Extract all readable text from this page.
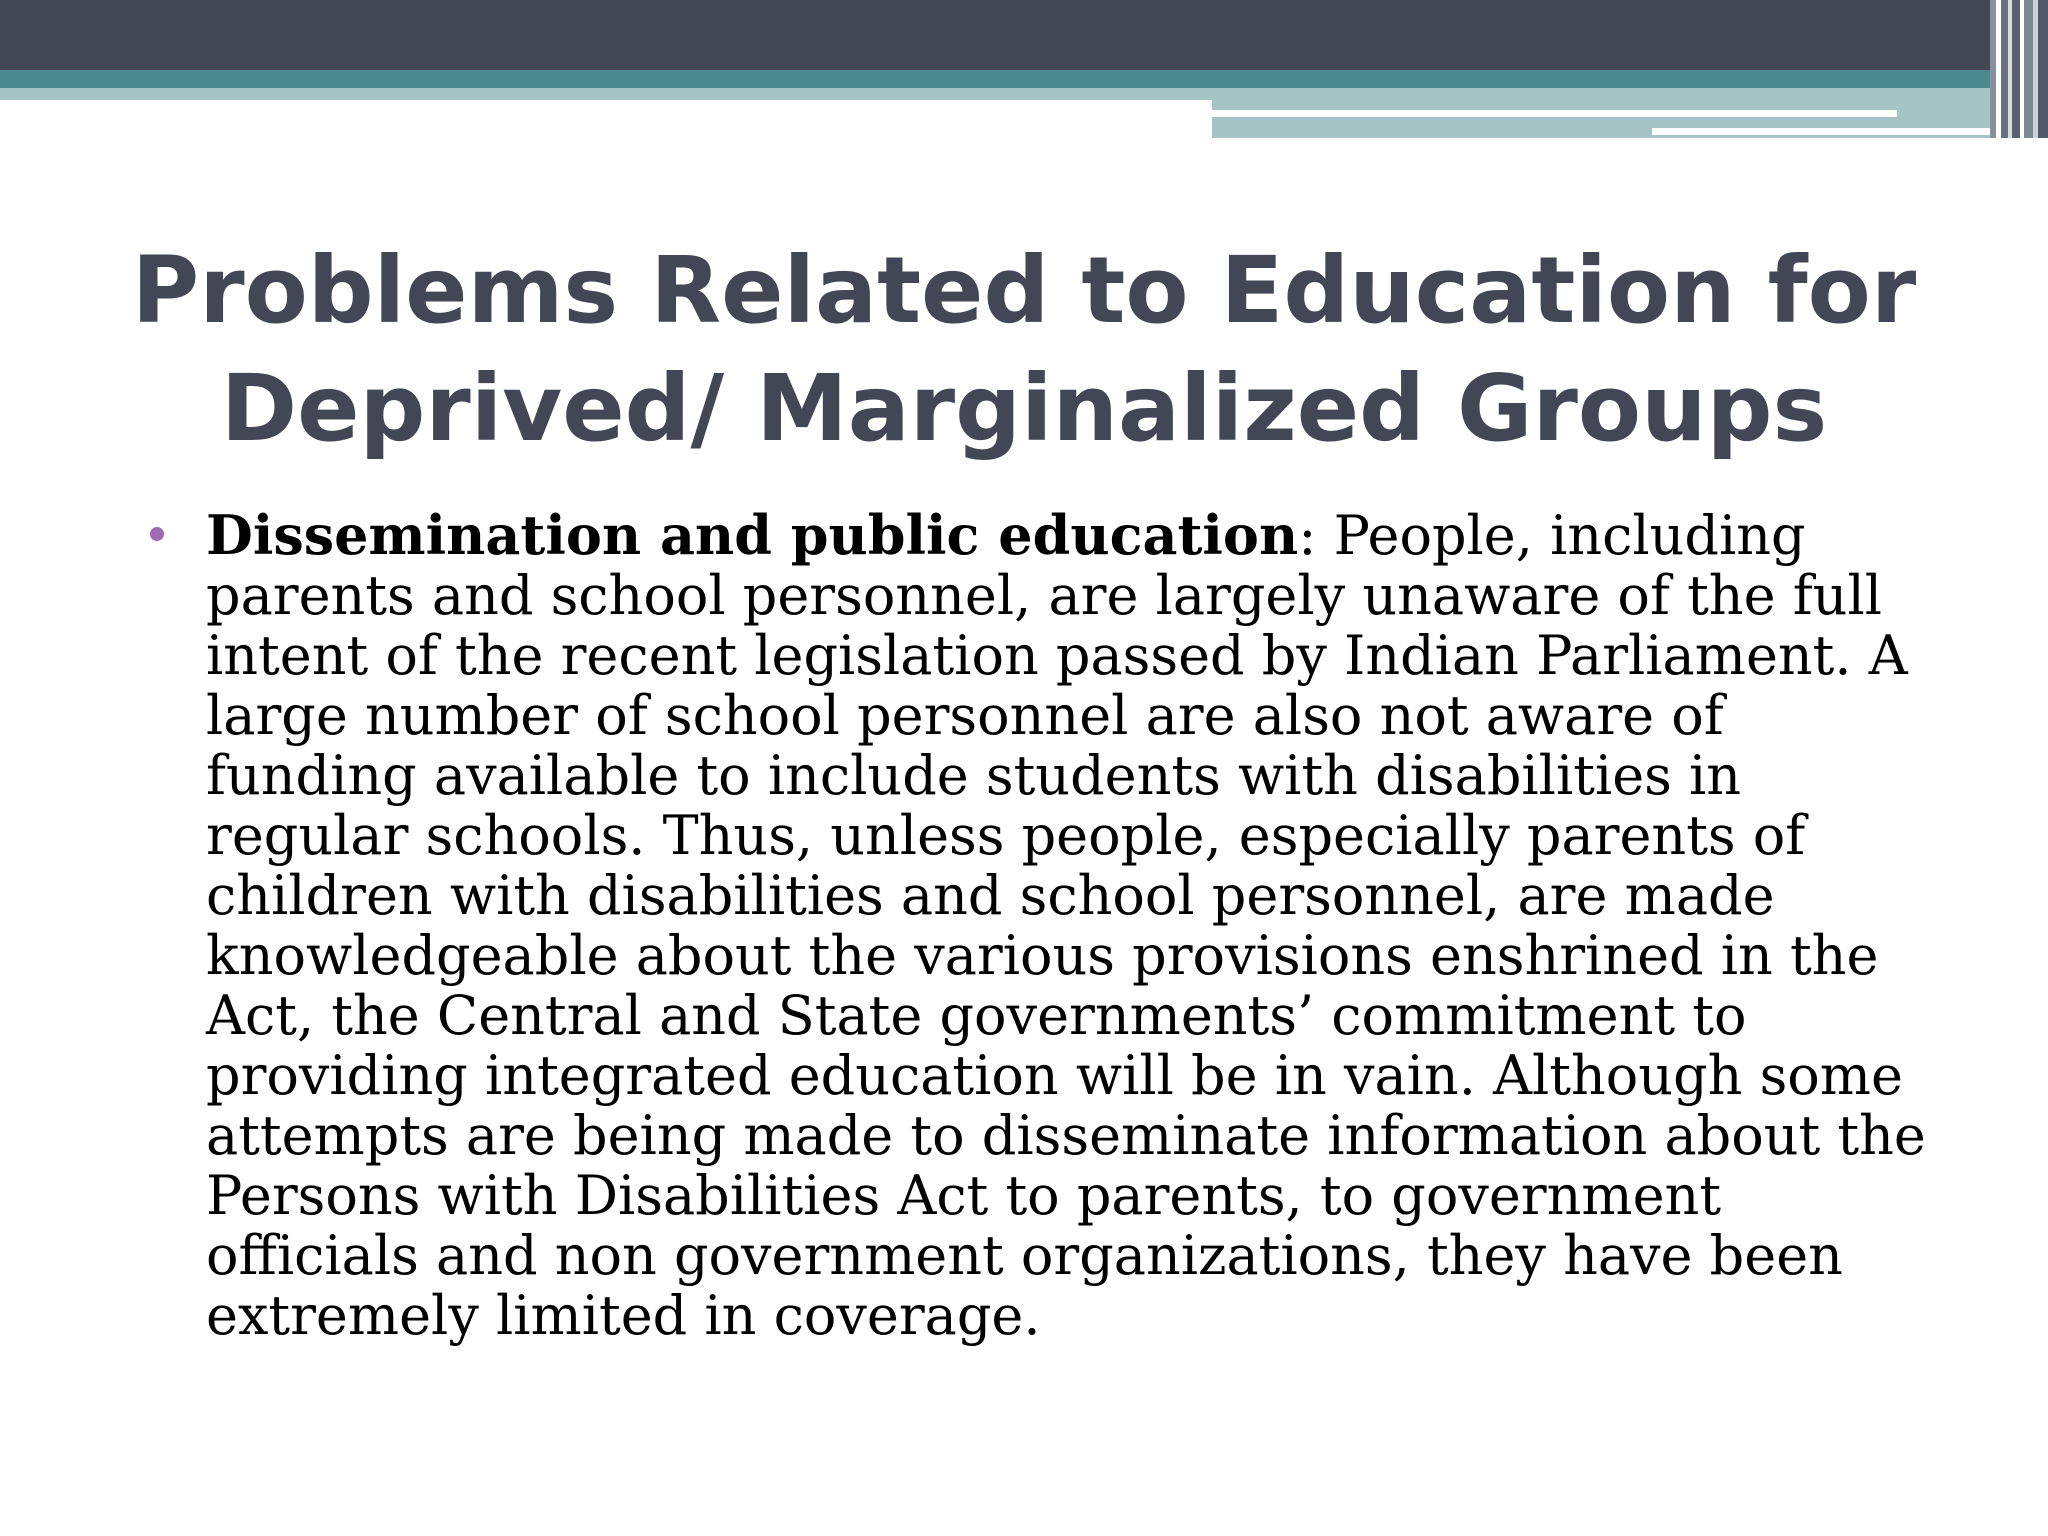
Problems Related to Education for
Deprived/ Marginalized Groups

Dissemination and public education: People, including parents and school personnel, are largely unaware of the full intent of the recent legislation passed by Indian Parliament. A large number of school personnel are also not aware of funding available to include students with disabilities in regular schools. Thus, unless people, especially parents of children with disabilities and school personnel, are made knowledgeable about the various provisions enshrined in the Act, the Central and State governments’ commitment to providing integrated education will be in vain. Although some attempts are being made to disseminate information about the Persons with Disabilities Act to parents, to government officials and non government organizations, they have been extremely limited in coverage.
